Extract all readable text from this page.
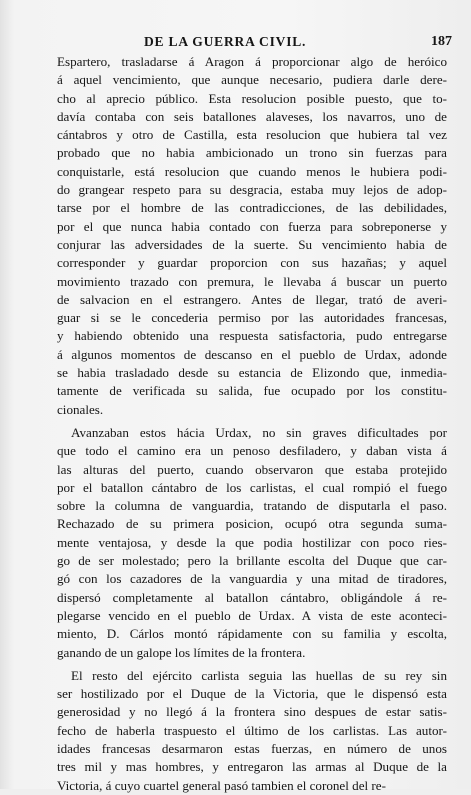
DE LA GUERRA CIVIL.	187
Espartero, trasladarse á Aragon á proporcionar algo de heróico
á aquel vencimiento, que aunque necesario, pudiera darle dere-
cho al aprecio público. Esta resolucion posible puesto, que to-
davía contaba con seis batallones alaveses, los navarros, uno de
cántabros y otro de Castilla, esta resolucion que hubiera tal vez
probado que no habia ambicionado un trono sin fuerzas para
conquistarle, está resolucion que cuando menos le hubiera podi-
do grangear respeto para su desgracia, estaba muy lejos de adop-
tarse por el hombre de las contradicciones, de las debilidades,
por el que nunca habia contado con fuerza para sobreponerse y
conjurar las adversidades de la suerte. Su vencimiento habia de
corresponder y guardar proporcion con sus hazañas; y aquel
movimiento trazado con premura, le llevaba á buscar un puerto
de salvacion en el estrangero. Antes de llegar, trató de averi-
guar si se le concederia permiso por las autoridades francesas,
y habiendo obtenido una respuesta satisfactoria, pudo entregarse
á algunos momentos de descanso en el pueblo de Urdax, adonde
se habia trasladado desde su estancia de Elizondo que, inmedia-
tamente de verificada su salida, fue ocupado por los constitu-
cionales.
Avanzaban estos hácia Urdax, no sin graves dificultades por
que todo el camino era un penoso desfiladero, y daban vista á
las alturas del puerto, cuando observaron que estaba protejido
por el batallon cántabro de los carlistas, el cual rompió el fuego
sobre la columna de vanguardia, tratando de disputarla el paso.
Rechazado de su primera posicion, ocupó otra segunda suma-
mente ventajosa, y desde la que podia hostilizar con poco ries-
go de ser molestado; pero la brillante escolta del Duque que car-
gó con los cazadores de la vanguardia y una mitad de tiradores,
dispersó completamente al batallon cántabro, obligándole á re-
plegarse vencido en el pueblo de Urdax. A vista de este aconteci-
miento, D. Cárlos montó rápidamente con su familia y escolta,
ganando de un galope los límites de la frontera.
El resto del ejército carlista seguia las huellas de su rey sin
ser hostilizado por el Duque de la Victoria, que le dispensó esta
generosidad y no llegó á la frontera sino despues de estar satis-
fecho de haberla traspuesto el último de los carlistas. Las autor-
idades francesas desarmaron estas fuerzas, en número de unos
tres mil y mas hombres, y entregaron las armas al Duque de la
Victoria, á cuyo cuartel general pasó tambien el coronel del re-
